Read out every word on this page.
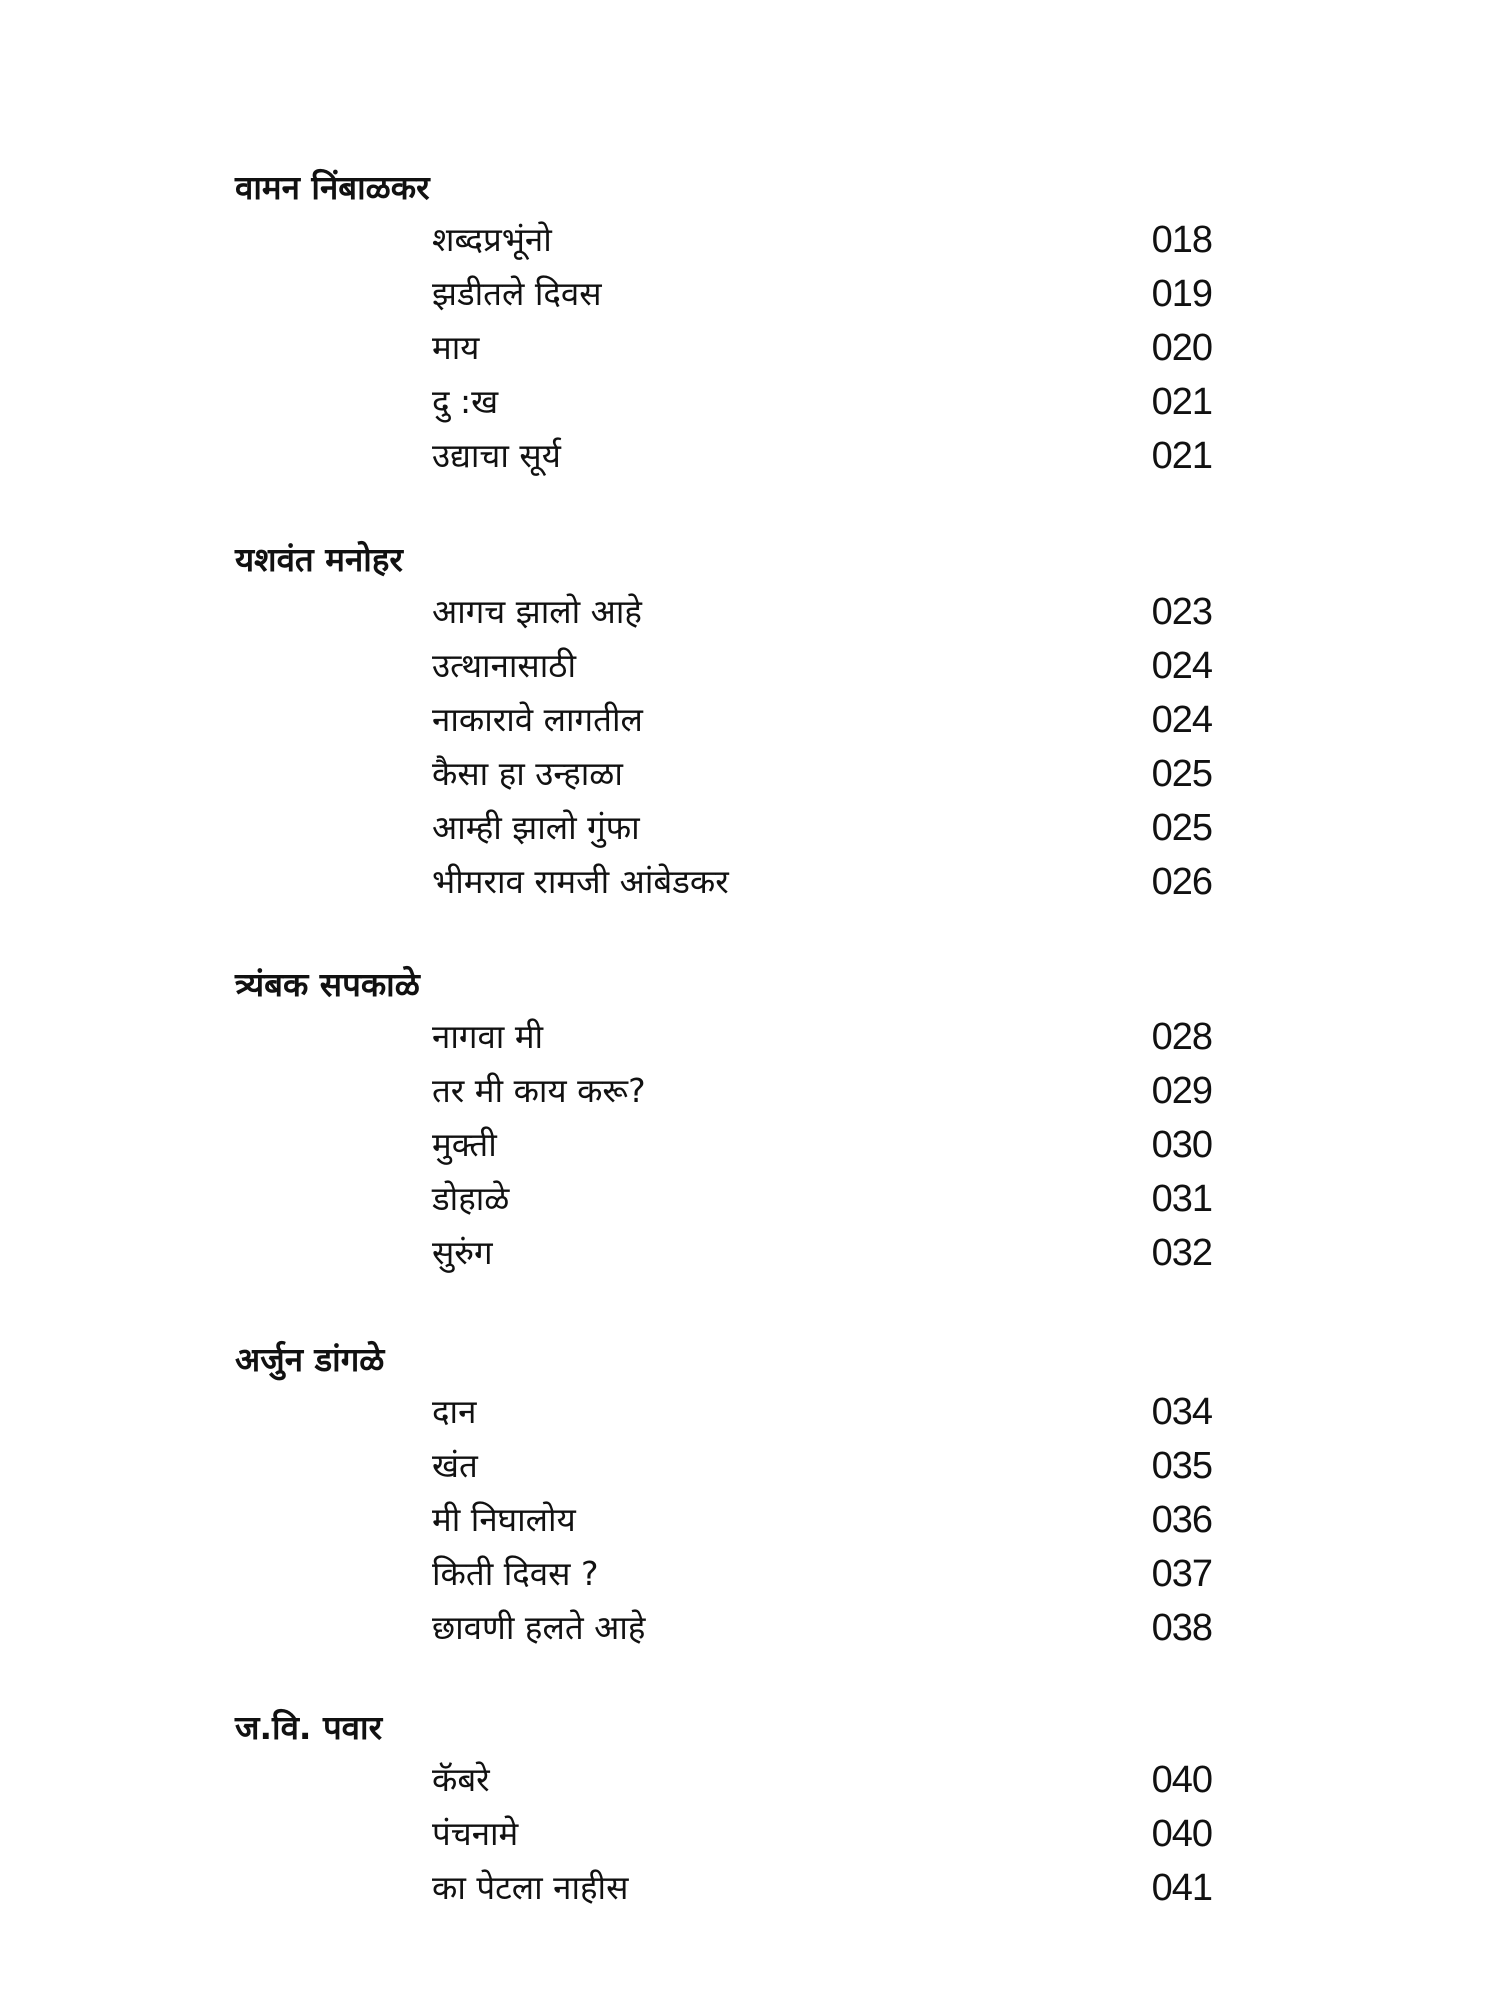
वामन निंबाळकर
शब्दप्रभूंनो	018
झडीतले दिवस	019
माय	020
दु :ख	021
उद्याचा सूर्य	021
यशवंत मनोहर
आगच झालो आहे	023
उत्थानासाठी	024
नाकारावे लागतील	024
कैसा हा उन्हाळा	025
आम्ही झालो गुंफा	025
भीमराव रामजी आंबेडकर	026
त्र्यंबक सपकाळे
नागवा मी	028
तर मी काय करू?	029
मुक्ती	030
डोहाळे	031
सुरुंग	032
अर्जुन डांगळे
दान	034
खंत	035
मी निघालोय	036
किती दिवस ?	037
छावणी हलते आहे	038
ज.वि. पवार
कॅबरे	040
पंचनामे	040
का पेटला नाहीस	041
